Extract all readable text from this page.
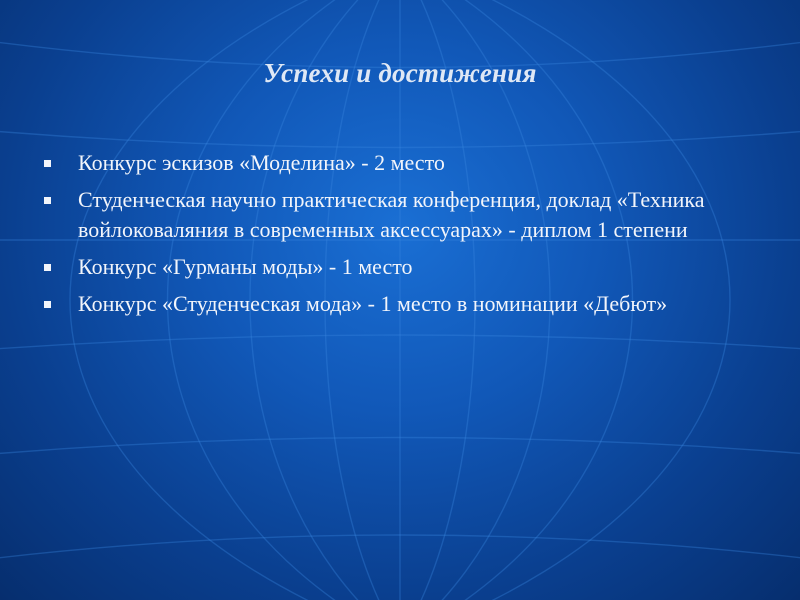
Успехи и достижения
Конкурс эскизов «Моделина» - 2 место
Студенческая научно практическая конференция, доклад «Техника войлоковаляния в современных аксессуарах» - диплом 1 степени
Конкурс «Гурманы моды» - 1 место
Конкурс «Студенческая мода» - 1 место в номинации «Дебют»
